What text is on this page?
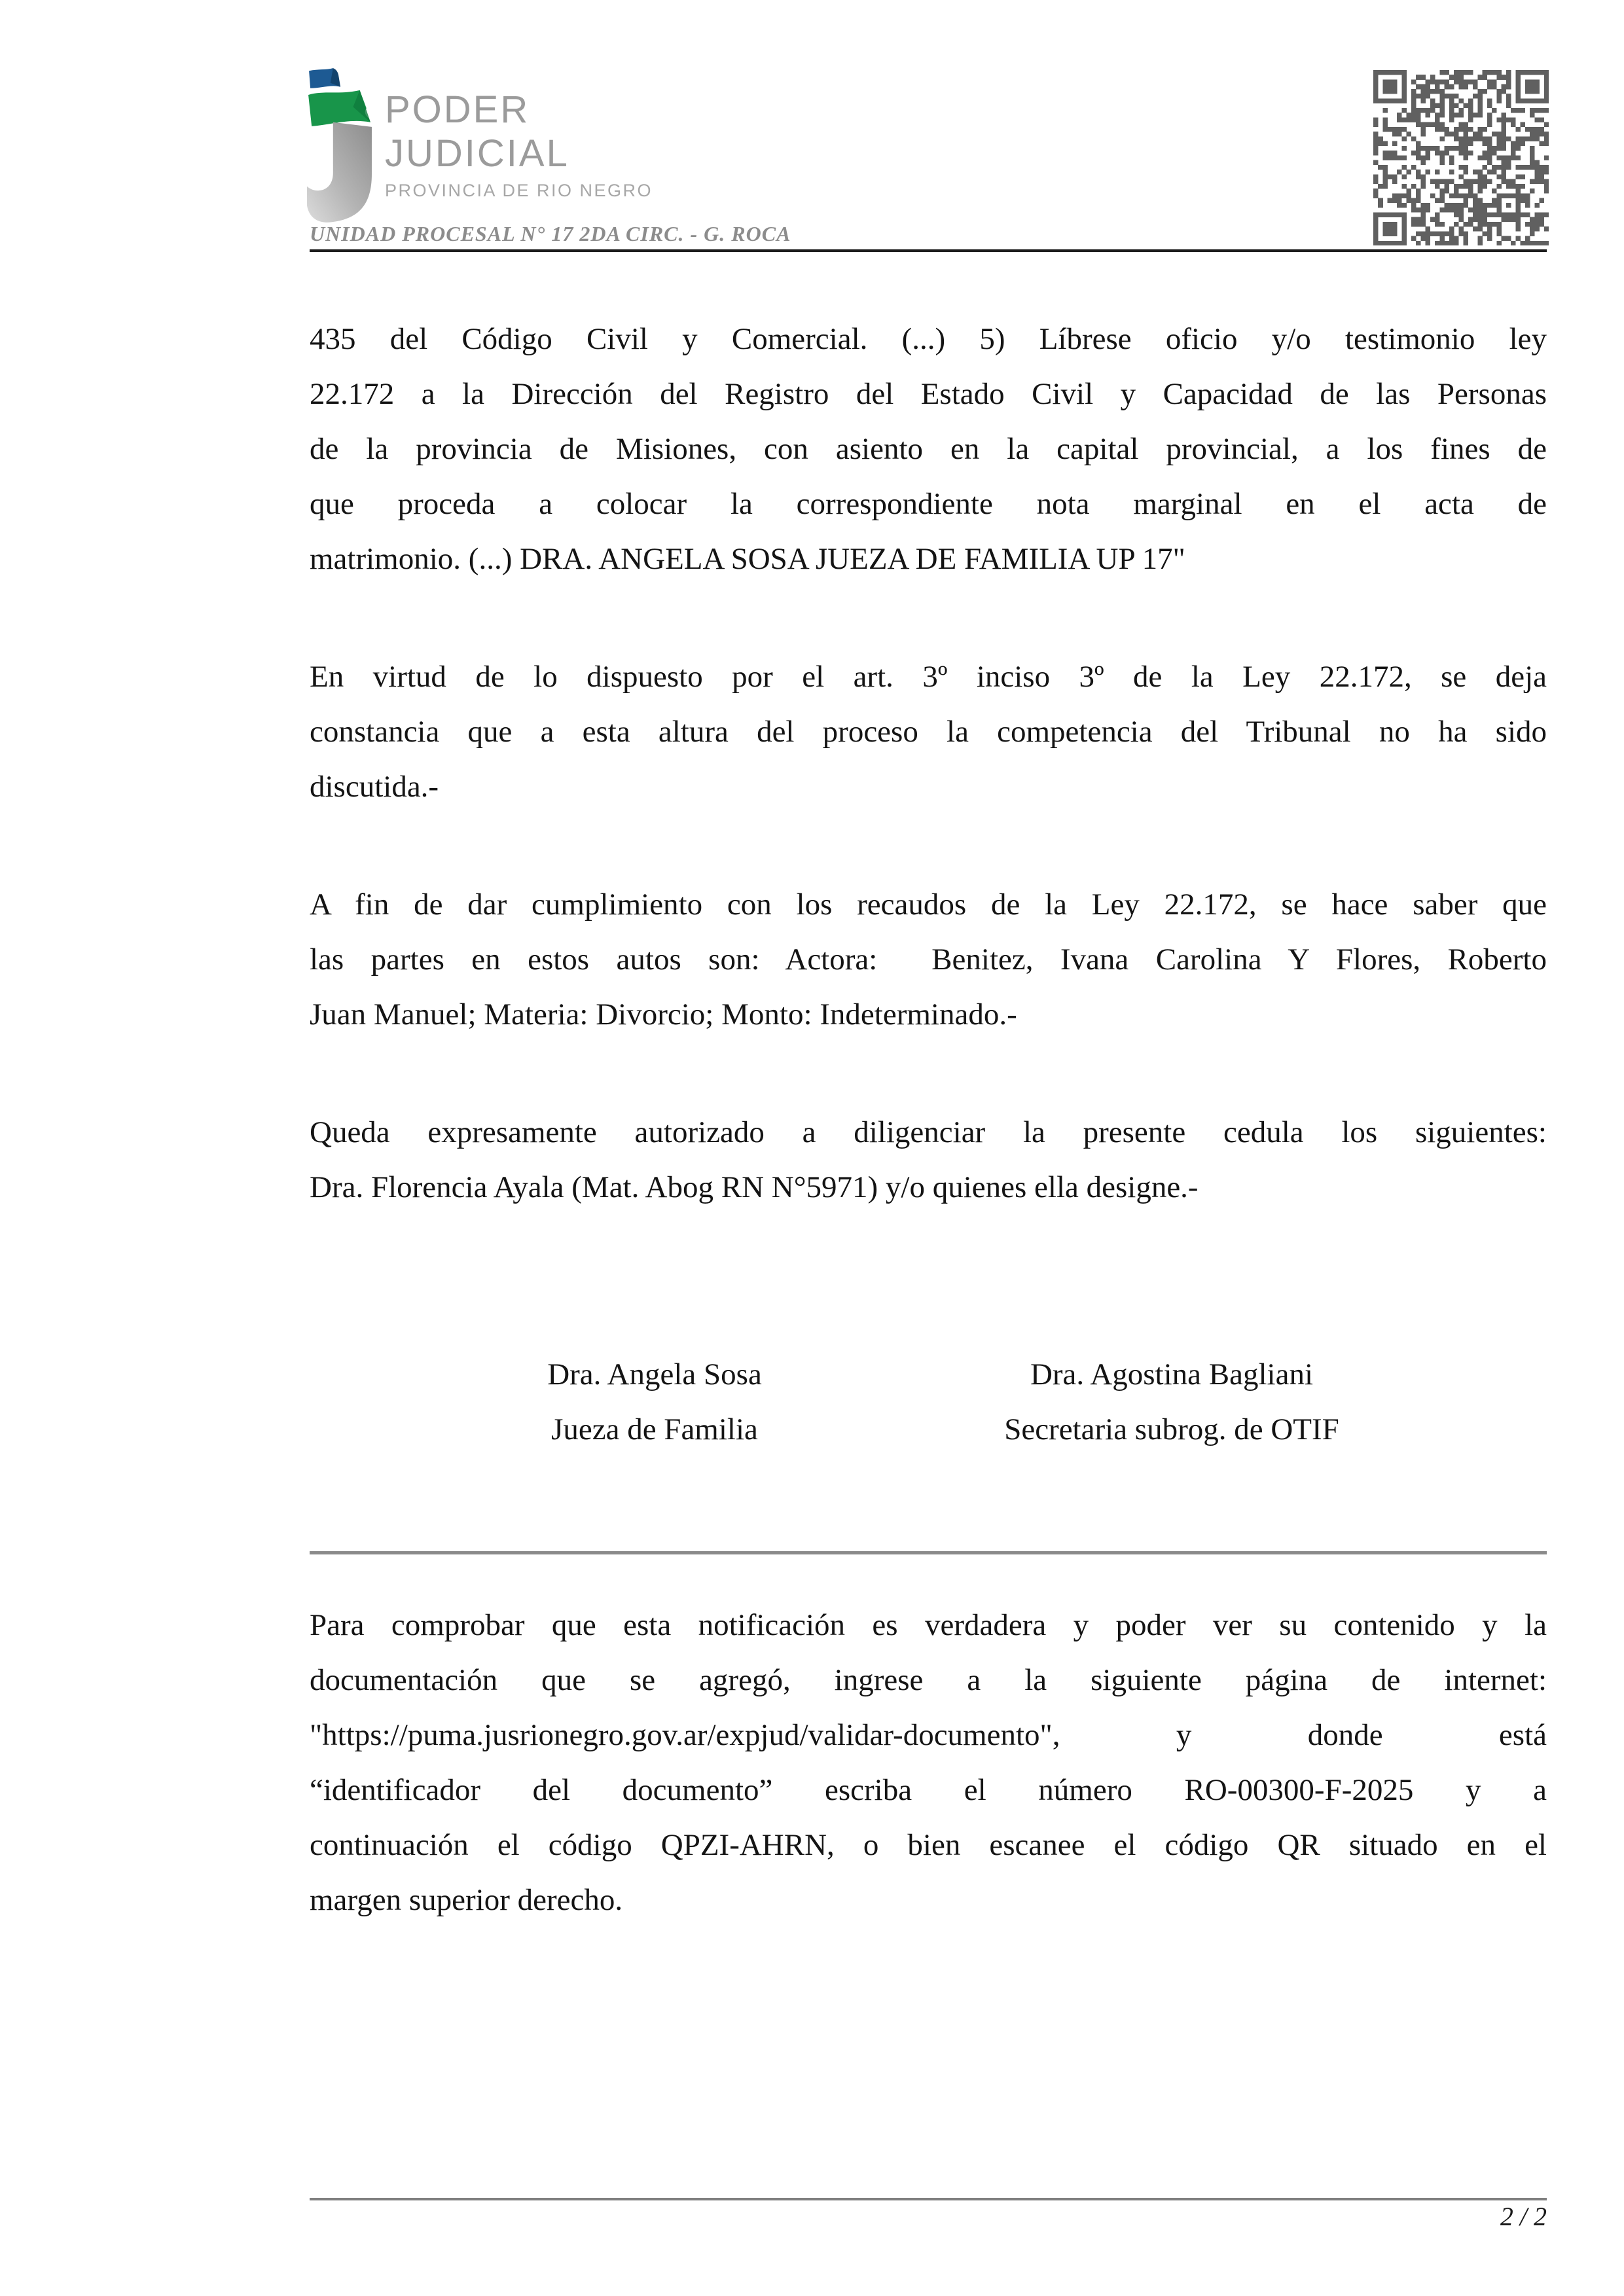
PODER
JUDICIAL
PROVINCIA DE RIO NEGRO
UNIDAD PROCESAL N° 17 2DA CIRC. - G. ROCA
435 del Código Civil y Comercial. (...) 5) Líbrese oficio y/o testimonio ley
22.172 a la Dirección del Registro del Estado Civil y Capacidad de las Personas
de la provincia de Misiones, con asiento en la capital provincial, a los fines de
que proceda a colocar la correspondiente nota marginal en el acta de
matrimonio. (...) DRA. ANGELA SOSA JUEZA DE FAMILIA UP 17"
En virtud de lo dispuesto por el art. 3º inciso 3º de la Ley 22.172, se deja
constancia que a esta altura del proceso la competencia del Tribunal no ha sido
discutida.-
A fin de dar cumplimiento con los recaudos de la Ley 22.172, se hace saber que
las partes en estos autos son: Actora:  Benitez, Ivana Carolina Y Flores, Roberto
Juan Manuel; Materia: Divorcio; Monto: Indeterminado.-
Queda expresamente autorizado a diligenciar la presente cedula los siguientes:
Dra. Florencia Ayala (Mat. Abog RN N°5971) y/o quienes ella designe.-
Dra. Angela Sosa
Jueza de Familia
Dra. Agostina Bagliani
Secretaria subrog. de OTIF
Para comprobar que esta notificación es verdadera y poder ver su contenido y la
documentación que se agregó, ingrese a la siguiente página de internet:
"https://puma.jusrionegro.gov.ar/expjud/validar-documento", y donde está
“identificador del documento” escriba el número RO-00300-F-2025 y a
continuación el código QPZI-AHRN, o bien escanee el código QR situado en el
margen superior derecho.
2 / 2
